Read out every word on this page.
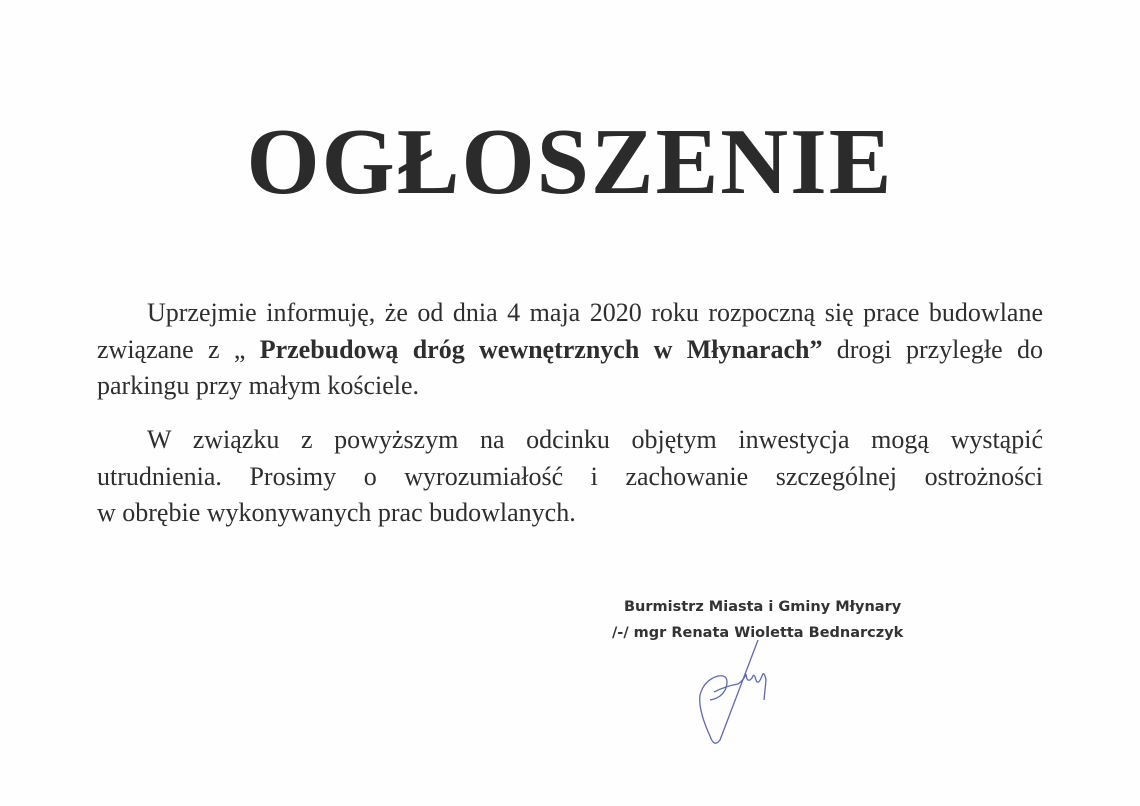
OGŁOSZENIE
Uprzejmie informuję, że od dnia 4 maja 2020 roku rozpoczną się prace budowlane
związane z „ Przebudową dróg wewnętrznych w Młynarach” drogi przyległe do
parkingu przy małym kościele.
W związku z powyższym na odcinku objętym inwestycja mogą wystąpić
utrudnienia. Prosimy o wyrozumiałość i zachowanie szczególnej ostrożności
w obrębie wykonywanych prac budowlanych.
Burmistrz Miasta i Gminy Młynary
/-/ mgr Renata Wioletta Bednarczyk
